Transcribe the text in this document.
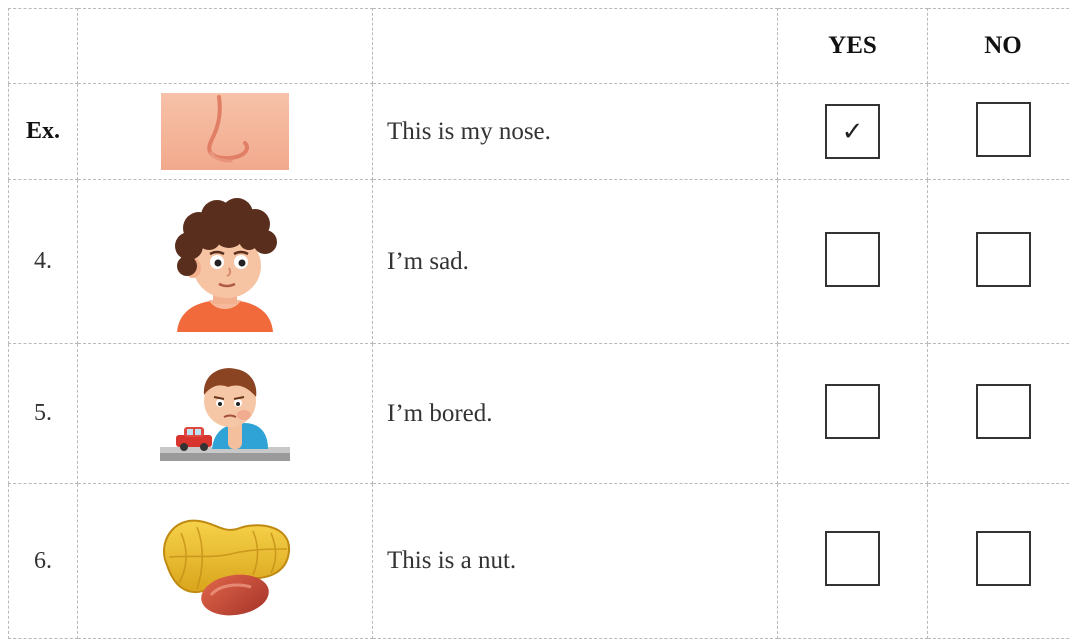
			YES	NO
Ex.		This is my nose.	✓	
4.		I’m sad.		
5.		I’m bored.		
6.		This is a nut.		
